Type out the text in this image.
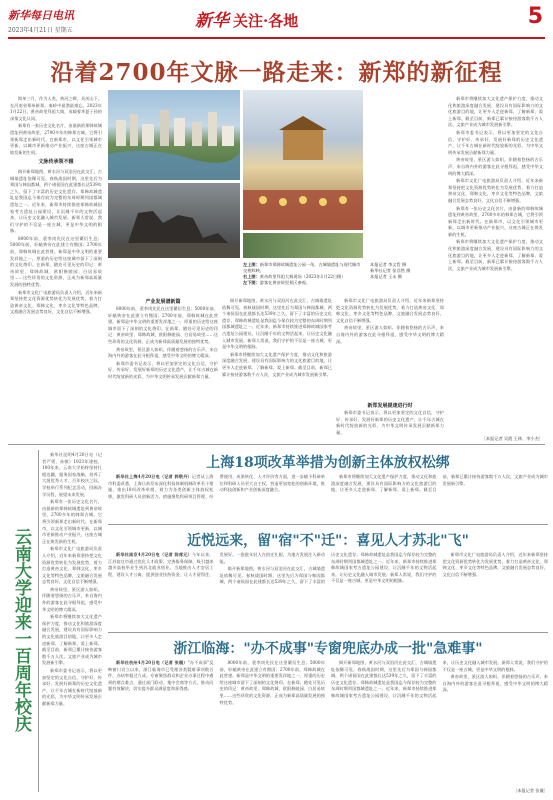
新华每日电讯
2023年4月21日 星期五	新华 关注·各地	5
沿着2700年文脉一路走来：新郑的新征程

简单三月，作为人类，黄河之畔，具茨山下，在河南省郑州新郑，秦岭中最潜最难忘，2023年1月22日，黄帝故里拜祖大典，承载着华夏子孙的深情文化认同。

新郑有一张历史文化名片，由最新的郑韩故城遗址到黄帝故里，2700多年的韩郑古城，它将引领新郑走出新时代。在新郑市，以文化引领城市更新，以城市更新推动产业振兴，这座古城正在焕发新的生机。

文脉传承领不辍

揭开新郑地图，黄水河与双洎河在此交汇，古城墙遗址依稀可见。春秋战国时期，这里先后为郑国与韩国都城，两个诸侯国在此建都长达539年之久，留下了丰富的历史文化遗存。郑韩故城遗址是我国迄今保存较为完整的东周时期列国都城遗址之一。近年来，新郑市持续推进郑韩故城国家考古遗址公园建设，让沉睡千年的文物活起来，让历史文化融入城市发展。新郑人常说，我们守护的不仅是一座古城，更是中华文明的根脉。

8000年前，裴李岗先民在这里繁衍生息；5000年前，轩辕黄帝在此建立有熊国；2700年前，郑韩故城在此营建。新郑是中华文明的重要发祥地之一，厚重的历史给这座城市留下了深刻的文化烙印。在新郑，随处可见历史的印记：黄帝故里、郑韩故城、欧阳修陵园、白居易故里……这些珍贵的文化资源，正成为新郑高质量发展的独特优势。

新郑市文化广电旅游局负责人介绍，近年来新郑坚持把文化资源优势转化为发展优势，着力打造黄帝文化、郑韩文化、枣乡文化等特色品牌，文旅融合发展态势良好，文化自信不断增强。

左上图：新郑市郑韩故城遗址公园一角，古城墙遗址与现代城市交相辉映。
右上图：黄帝故里拜祖大典现场（2023年1月22日摄）
左下图：游客在黄帝故里景区参观。
本报记者 李文哲 摄
新华社记者 张浩然 摄
本报记者 王永 摄

新郑市将继续加大文化遗产保护力度，推动文化和旅游深度融合发展，建设具有国际影响力的文化旅游目的地，让更多人走进新郑、了解新郑、爱上新郑。截至目前，新郑已累计接待游客数千万人次，文旅产业成为城市发展新引擎。

新郑市委书记表示，将以更加坚定的文化自信，守护好、传承好、发展好新郑的历史文化遗产，让千年古城在新时代绽放新的光彩，为中华文明传承发展贡献新郑力量。

黄帝故里，景区游人如织。伴随着悠扬的古乐声，来自海内外的游客在此寻根拜祖，感受中华文明的博大精深。

新郑市文化广电旅游局负责人介绍，近年来新郑坚持把文化资源优势转化为发展优势，着力打造黄帝文化、郑韩文化、枣乡文化等特色品牌，文旅融合发展态势良好，文化自信不断增强。

新郑有一张历史文化名片，由最新的郑韩故城遗址到黄帝故里，2700多年的韩郑古城，它将引领新郑走出新时代。在新郑市，以文化引领城市更新，以城市更新推动产业振兴，这座古城正在焕发新的生机。

新郑市将继续加大文化遗产保护力度，推动文化和旅游深度融合发展，建设具有国际影响力的文化旅游目的地，让更多人走进新郑、了解新郑、爱上新郑。截至目前，新郑已累计接待游客数千万人次，文旅产业成为城市发展新引擎。

产业发展谱新篇

8000年前，裴李岗先民在这里繁衍生息；5000年前，轩辕黄帝在此建立有熊国；2700年前，郑韩故城在此营建。新郑是中华文明的重要发祥地之一，厚重的历史给这座城市留下了深刻的文化烙印。在新郑，随处可见历史的印记：黄帝故里、郑韩故城、欧阳修陵园、白居易故里……这些珍贵的文化资源，正成为新郑高质量发展的独特优势。

黄帝故里，景区游人如织。伴随着悠扬的古乐声，来自海内外的游客在此寻根拜祖，感受中华文明的博大精深。

新郑市委书记表示，将以更加坚定的文化自信，守护好、传承好、发展好新郑的历史文化遗产，让千年古城在新时代绽放新的光彩，为中华文明传承发展贡献新郑力量。

揭开新郑地图，黄水河与双洎河在此交汇，古城墙遗址依稀可见。春秋战国时期，这里先后为郑国与韩国都城，两个诸侯国在此建都长达539年之久，留下了丰富的历史文化遗存。郑韩故城遗址是我国迄今保存较为完整的东周时期列国都城遗址之一。近年来，新郑市持续推进郑韩故城国家考古遗址公园建设，让沉睡千年的文物活起来，让历史文化融入城市发展。新郑人常说，我们守护的不仅是一座古城，更是中华文明的根脉。

新郑市将继续加大文化遗产保护力度，推动文化和旅游深度融合发展，建设具有国际影响力的文化旅游目的地，让更多人走进新郑、了解新郑、爱上新郑。截至目前，新郑已累计接待游客数千万人次，文旅产业成为城市发展新引擎。

新郑市文化广电旅游局负责人介绍，近年来新郑坚持把文化资源优势转化为发展优势，着力打造黄帝文化、郑韩文化、枣乡文化等特色品牌，文旅融合发展态势良好，文化自信不断增强。

黄帝故里，景区游人如织。伴随着悠扬的古乐声，来自海内外的游客在此寻根拜祖，感受中华文明的博大精深。

新郑发展提速进行时

新郑市委书记表示，将以更加坚定的文化自信，守护好、传承好、发展好新郑的历史文化遗产，让千年古城在新时代绽放新的光彩，为中华文明传承发展贡献新郑力量。

［本报记者 吴霞 王林、李小杰］
云南大学迎来一百周年校庆

新华社昆明4月20日电（记者严勇、孙敏）1923年建校，100年来，云南大学始终坚持扎根边疆、服务国家战略，培养了大批优秀人才。百年校庆之际，学校举行系列纪念活动，回顾办学历程，展望未来发展。

新郑有一张历史文化名片，由最新的郑韩故城遗址到黄帝故里，2700多年的韩郑古城，它将引领新郑走出新时代。在新郑市，以文化引领城市更新，以城市更新推动产业振兴，这座古城正在焕发新的生机。

新郑市文化广电旅游局负责人介绍，近年来新郑坚持把文化资源优势转化为发展优势，着力打造黄帝文化、郑韩文化、枣乡文化等特色品牌，文旅融合发展态势良好，文化自信不断增强。

黄帝故里，景区游人如织。伴随着悠扬的古乐声，来自海内外的游客在此寻根拜祖，感受中华文明的博大精深。

新郑市将继续加大文化遗产保护力度，推动文化和旅游深度融合发展，建设具有国际影响力的文化旅游目的地，让更多人走进新郑、了解新郑、爱上新郑。截至目前，新郑已累计接待游客数千万人次，文旅产业成为城市发展新引擎。

新郑市委书记表示，将以更加坚定的文化自信，守护好、传承好、发展好新郑的历史文化遗产，让千年古城在新时代绽放新的光彩，为中华文明传承发展贡献新郑力量。

上海18项改革举措为创新主体放权松绑

新华社上海4月20日电（记者 郭敬丹）记者从上海市科委获悉，上海日前发布深化科技体制机制改革若干措施，推出18项改革举措，着力为各类创新主体放权松绑，激发科研人员创新活力。措施聚焦科研项目管理、经费使用、成果转化、人才评价等方面，进一步赋予科研单位和科研人员更大自主权，营造更加宽松的创新环境，推动科技创新和产业创新深度融合。

新郑市将继续加大文化遗产保护力度，推动文化和旅游深度融合发展，建设具有国际影响力的文化旅游目的地，让更多人走进新郑、了解新郑、爱上新郑。截至目前，新郑已累计接待游客数千万人次，文旅产业成为城市发展新引擎。

近悦远来，留"宿"不"迁"：喜见人才苏北"飞"

新华社南京4月20日电（记者 陈席元）今年以来，江苏宿迁市通过优化人才政策、完善服务保障，吸引越来越多高校毕业生到苏北就业创业。当地推出人才安居工程，建设人才公寓，提供创业扶持资金，让人才留得住、发展好。一批批年轻人在宿迁扎根，为地方发展注入新动能。

揭开新郑地图，黄水河与双洎河在此交汇，古城墙遗址依稀可见。春秋战国时期，这里先后为郑国与韩国都城，两个诸侯国在此建都长达539年之久，留下了丰富的历史文化遗存。郑韩故城遗址是我国迄今保存较为完整的东周时期列国都城遗址之一。近年来，新郑市持续推进郑韩故城国家考古遗址公园建设，让沉睡千年的文物活起来，让历史文化融入城市发展。新郑人常说，我们守护的不仅是一座古城，更是中华文明的根脉。

新郑市文化广电旅游局负责人介绍，近年来新郑坚持把文化资源优势转化为发展优势，着力打造黄帝文化、郑韩文化、枣乡文化等特色品牌，文旅融合发展态势良好，文化自信不断增强。

浙江临海："办不成事"专窗兜底办成一批"急难事"

新华社杭州4月20日电（记者 张璇）"办不成事"反映窗口设立以来，浙江临海市已受理各类疑难事项数百件，办结率超过九成。专窗聚焦群众和企业办事过程中遇到的堵点难点，通过部门联动、集中会商等方式，推动问题有效解决，切实提升群众满意度和获得感。

8000年前，裴李岗先民在这里繁衍生息；5000年前，轩辕黄帝在此建立有熊国；2700年前，郑韩故城在此营建。新郑是中华文明的重要发祥地之一，厚重的历史给这座城市留下了深刻的文化烙印。在新郑，随处可见历史的印记：黄帝故里、郑韩故城、欧阳修陵园、白居易故里……这些珍贵的文化资源，正成为新郑高质量发展的独特优势。

揭开新郑地图，黄水河与双洎河在此交汇，古城墙遗址依稀可见。春秋战国时期，这里先后为郑国与韩国都城，两个诸侯国在此建都长达539年之久，留下了丰富的历史文化遗存。郑韩故城遗址是我国迄今保存较为完整的东周时期列国都城遗址之一。近年来，新郑市持续推进郑韩故城国家考古遗址公园建设，让沉睡千年的文物活起来，让历史文化融入城市发展。新郑人常说，我们守护的不仅是一座古城，更是中华文明的根脉。

黄帝故里，景区游人如织。伴随着悠扬的古乐声，来自海内外的游客在此寻根拜祖，感受中华文明的博大精深。

［本报记者 张璇］
